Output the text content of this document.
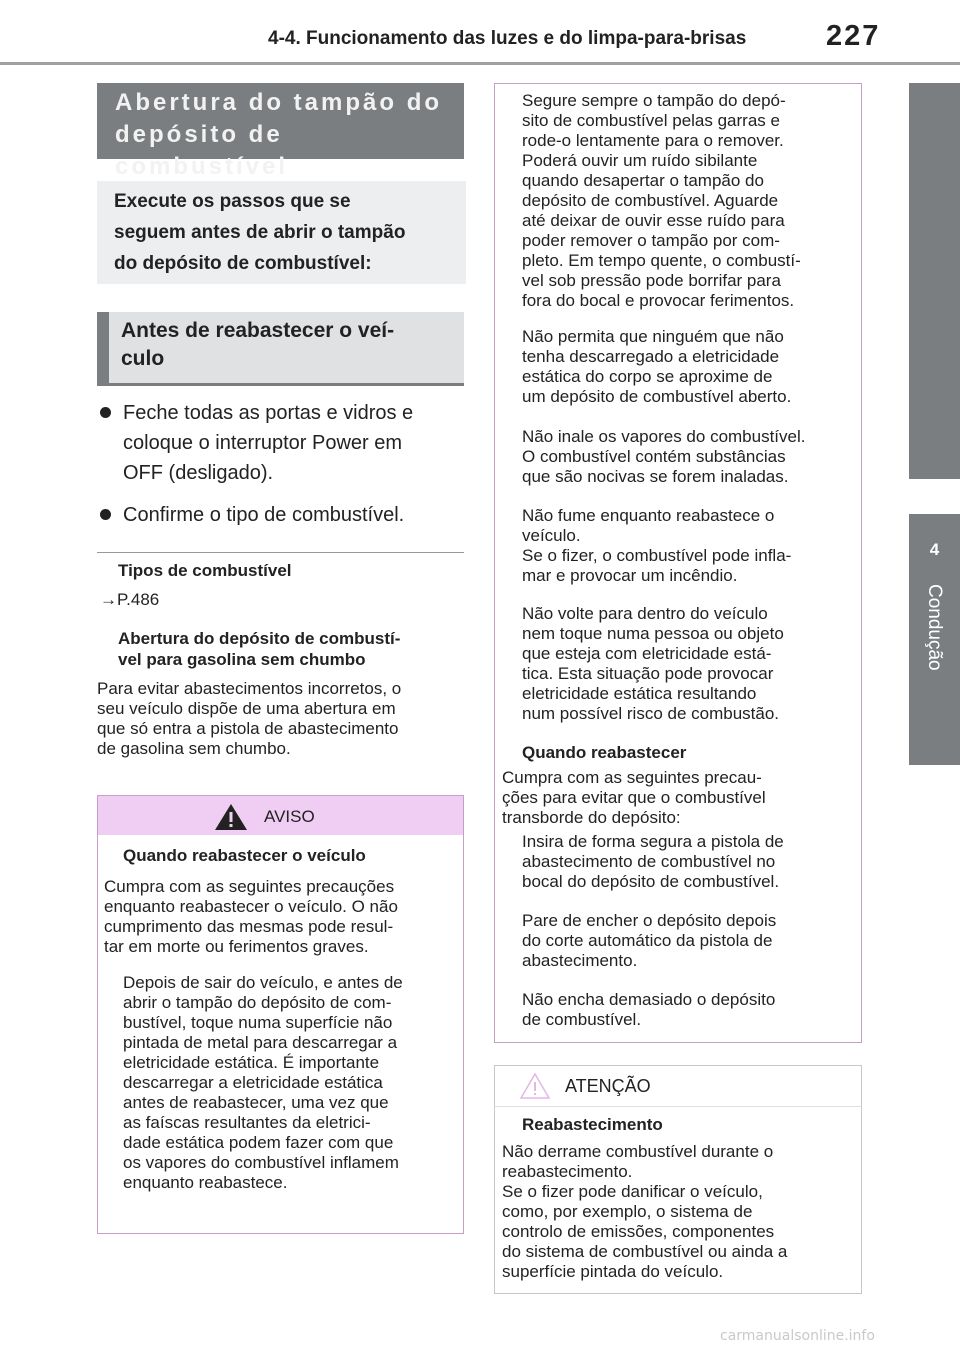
4-4. Funcionamento das luzes e do limpa-para-brisas	227
4
Condução
Abertura do tampão do
depósito de combustível
Execute os passos que se
seguem antes de abrir o tampão
do depósito de combustível:
Antes de reabastecer o veí-
culo
Feche todas as portas e vidros e
coloque o interruptor Power em
OFF (desligado).
Confirme o tipo de combustível.
Tipos de combustível
→P.486
Abertura do depósito de combustí-
vel para gasolina sem chumbo
Para evitar abastecimentos incorretos, o
seu veículo dispõe de uma abertura em
que só entra a pistola de abastecimento
de gasolina sem chumbo.
AVISO
Quando reabastecer o veículo
Cumpra com as seguintes precauções
enquanto reabastecer o veículo. O não
cumprimento das mesmas pode resul-
tar em morte ou ferimentos graves.
Depois de sair do veículo, e antes de
abrir o tampão do depósito de com-
bustível, toque numa superfície não
pintada de metal para descarregar a
eletricidade estática. É importante
descarregar a eletricidade estática
antes de reabastecer, uma vez que
as faíscas resultantes da eletrici-
dade estática podem fazer com que
os vapores do combustível inflamem
enquanto reabastece.
Segure sempre o tampão do depó-
sito de combustível pelas garras e
rode-o lentamente para o remover.
Poderá ouvir um ruído sibilante
quando desapertar o tampão do
depósito de combustível. Aguarde
até deixar de ouvir esse ruído para
poder remover o tampão por com-
pleto. Em tempo quente, o combustí-
vel sob pressão pode borrifar para
fora do bocal e provocar ferimentos.
Não permita que ninguém que não
tenha descarregado a eletricidade
estática do corpo se aproxime de
um depósito de combustível aberto.
Não inale os vapores do combustível.
O combustível contém substâncias
que são nocivas se forem inaladas.
Não fume enquanto reabastece o
veículo.
Se o fizer, o combustível pode infla-
mar e provocar um incêndio.
Não volte para dentro do veículo
nem toque numa pessoa ou objeto
que esteja com eletricidade está-
tica. Esta situação pode provocar
eletricidade estática resultando
num possível risco de combustão.
Quando reabastecer
Cumpra com as seguintes precau-
ções para evitar que o combustível
transborde do depósito:
Insira de forma segura a pistola de
abastecimento de combustível no
bocal do depósito de combustível.
Pare de encher o depósito depois
do corte automático da pistola de
abastecimento.
Não encha demasiado o depósito
de combustível.
ATENÇÃO
Reabastecimento
Não derrame combustível durante o
reabastecimento.
Se o fizer pode danificar o veículo,
como, por exemplo, o sistema de
controlo de emissões, componentes
do sistema de combustível ou ainda a
superfície pintada do veículo.
carmanualsonline.info
